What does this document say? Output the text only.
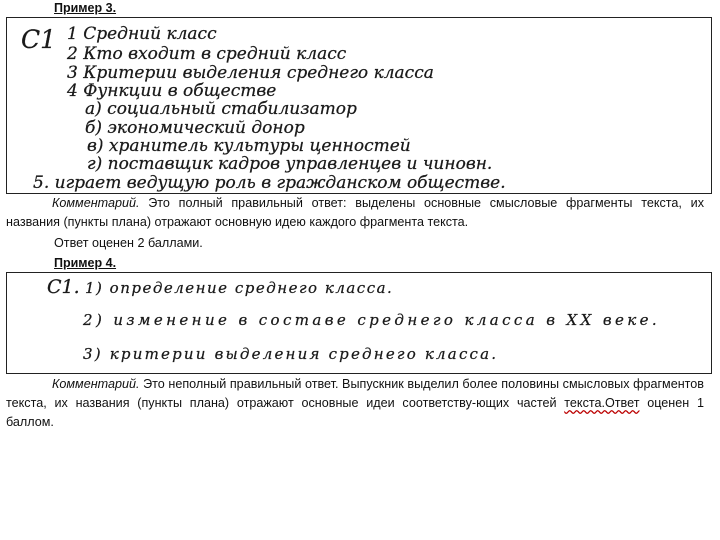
Пример 3.
C1 1 Средний класс
2 Кто входит в средний класс
3 Критерии выделения среднего класса
4 Функции в обществе
а) социальный стабилизатор
б) экономический донор
в) хранитель культуры ценностей
г) поставщик кадров управленцев и чиновн.
5. играет ведущую роль в гражданском обществе.
Комментарий. Это полный правильный ответ: выделены основные смысловые фрагменты текста, их названия (пункты плана) отражают основную идею каждого фрагмента текста.
Ответ оценен 2 баллами.
Пример 4.
C1. 1) определение среднего класса.
2) изменение в составе среднего класса в ХХ веке.
3) критерии выделения среднего класса.
Комментарий. Это неполный правильный ответ. Выпускник выделил более половины смысловых фрагментов текста, их названия (пункты плана) отражают основные идеи соответству-ющих частей текста.Ответ оценен 1 баллом.
